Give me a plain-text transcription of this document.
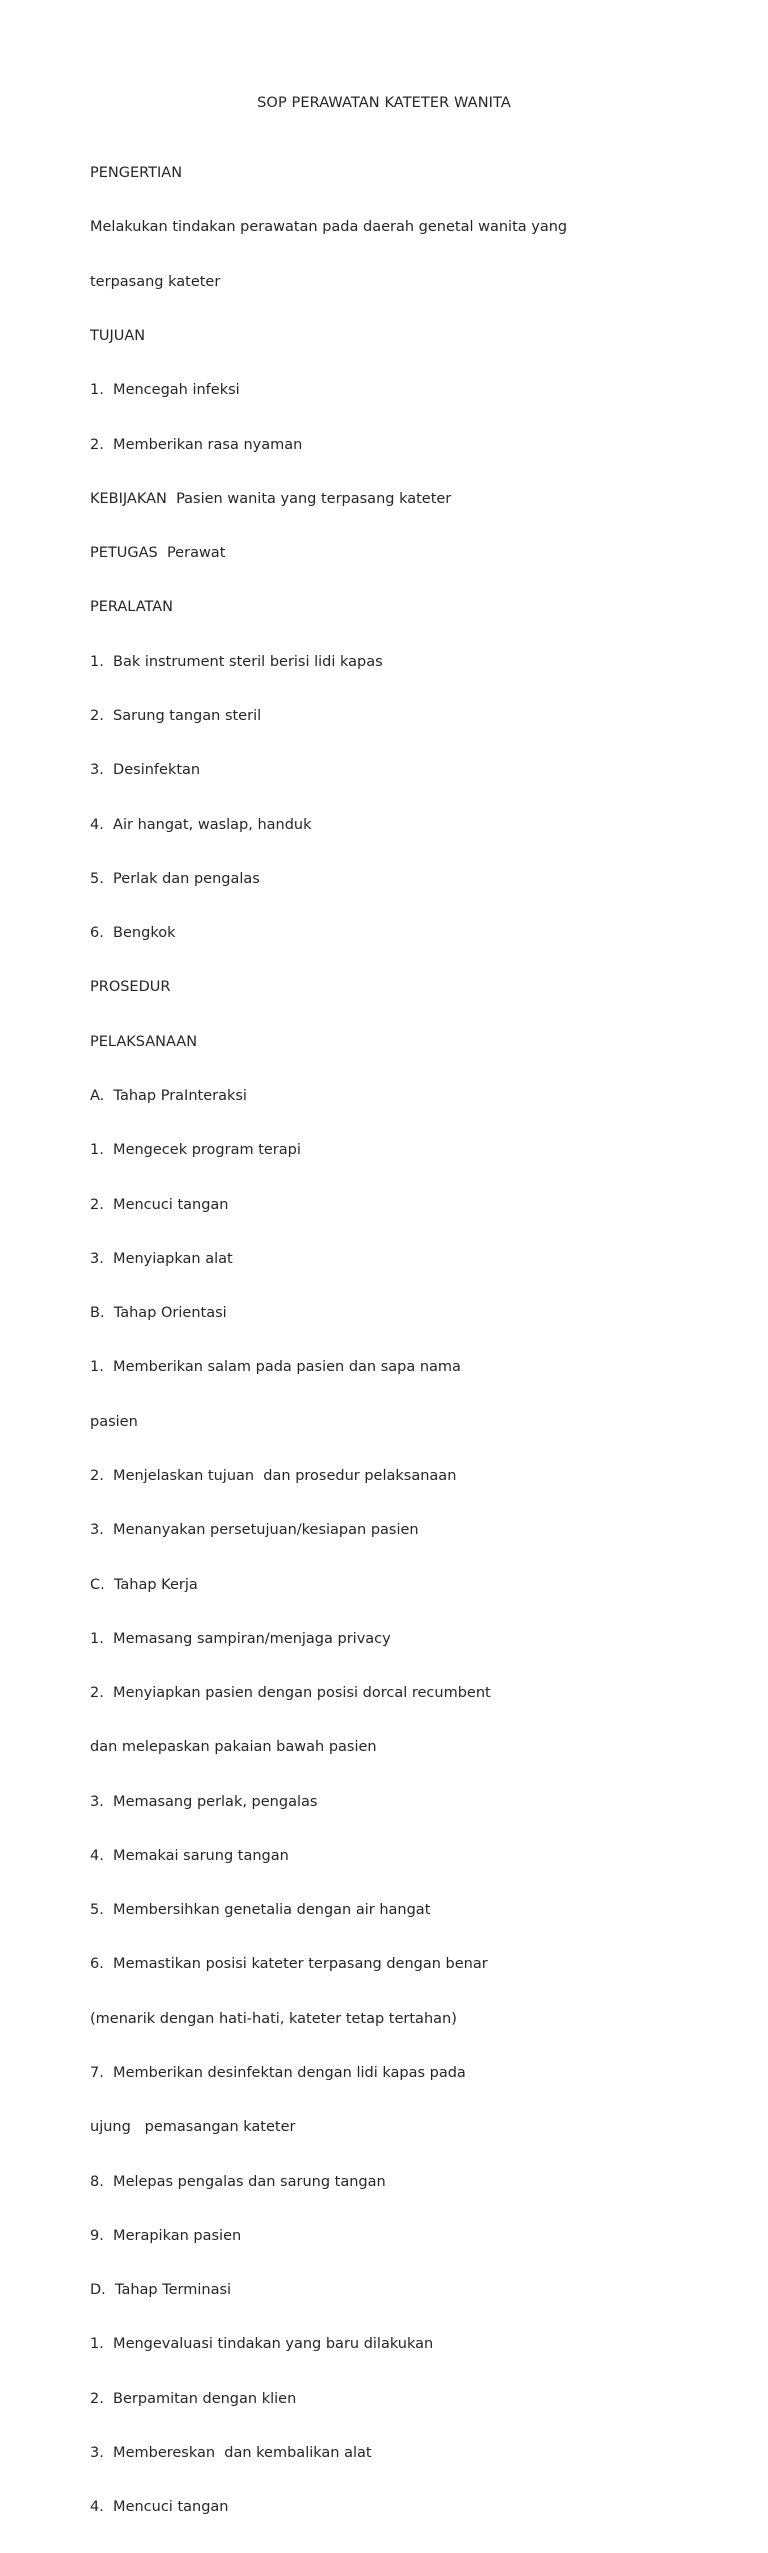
SOP PERAWATAN KATETER WANITA

PENGERTIAN

Melakukan tindakan perawatan pada daerah genetal wanita yang

terpasang kateter

TUJUAN

1.  Mencegah infeksi

2.  Memberikan rasa nyaman

KEBIJAKAN  Pasien wanita yang terpasang kateter

PETUGAS  Perawat

PERALATAN

1.  Bak instrument steril berisi lidi kapas

2.  Sarung tangan steril

3.  Desinfektan

4.  Air hangat, waslap, handuk

5.  Perlak dan pengalas

6.  Bengkok

PROSEDUR

PELAKSANAAN

A.  Tahap PraInteraksi

1.  Mengecek program terapi

2.  Mencuci tangan

3.  Menyiapkan alat

B.  Tahap Orientasi

1.  Memberikan salam pada pasien dan sapa nama

pasien

2.  Menjelaskan tujuan  dan prosedur pelaksanaan

3.  Menanyakan persetujuan/kesiapan pasien

C.  Tahap Kerja

1.  Memasang sampiran/menjaga privacy

2.  Menyiapkan pasien dengan posisi dorcal recumbent

dan melepaskan pakaian bawah pasien

3.  Memasang perlak, pengalas

4.  Memakai sarung tangan

5.  Membersihkan genetalia dengan air hangat

6.  Memastikan posisi kateter terpasang dengan benar

(menarik dengan hati-hati, kateter tetap tertahan)

7.  Memberikan desinfektan dengan lidi kapas pada

ujung   pemasangan kateter

8.  Melepas pengalas dan sarung tangan

9.  Merapikan pasien

D.  Tahap Terminasi

1.  Mengevaluasi tindakan yang baru dilakukan

2.  Berpamitan dengan klien

3.  Membereskan  dan kembalikan alat

4.  Mencuci tangan
